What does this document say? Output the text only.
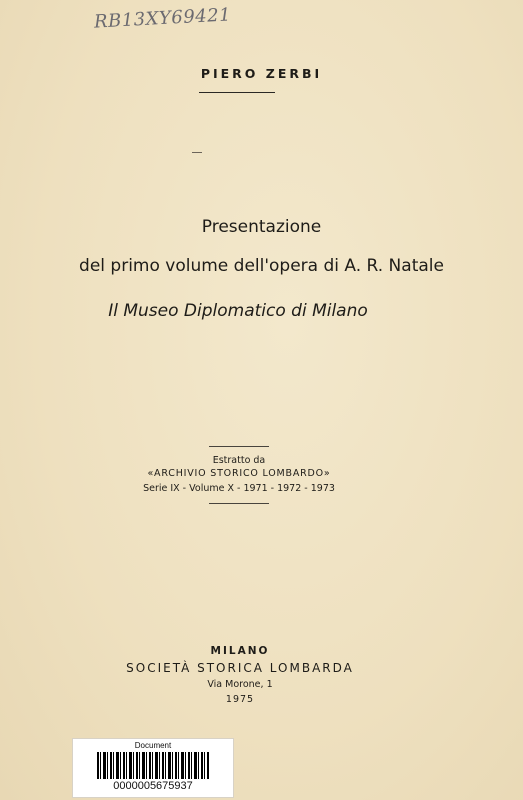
RB13XY69421
PIERO ZERBI
Presentazione
del primo volume dell'opera di A. R. Natale
Il Museo Diplomatico di Milano
Estratto da
«ARCHIVIO STORICO LOMBARDO»
Serie IX - Volume X - 1971 - 1972 - 1973
MILANO
SOCIETÀ STORICA LOMBARDA
Via Morone, 1
1975
Document
0000005675937
